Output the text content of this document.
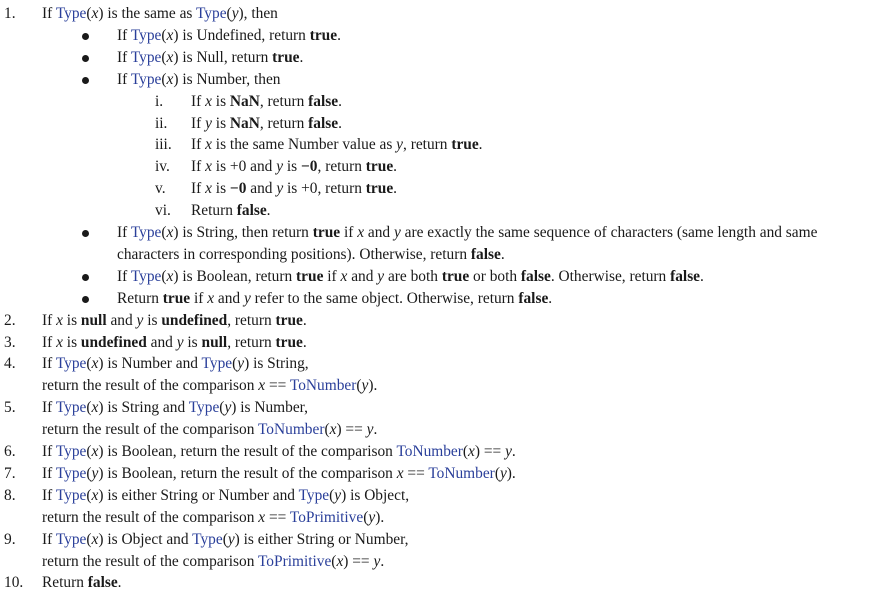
1. If Type(x) is the same as Type(y), then
If Type(x) is Undefined, return true.
If Type(x) is Null, return true.
If Type(x) is Number, then
i. If x is NaN, return false.
ii. If y is NaN, return false.
iii. If x is the same Number value as y, return true.
iv. If x is +0 and y is −0, return true.
v. If x is −0 and y is +0, return true.
vi. Return false.
If Type(x) is String, then return true if x and y are exactly the same sequence of characters (same length and same
characters in corresponding positions). Otherwise, return false.
If Type(x) is Boolean, return true if x and y are both true or both false. Otherwise, return false.
Return true if x and y refer to the same object. Otherwise, return false.
2. If x is null and y is undefined, return true.
3. If x is undefined and y is null, return true.
4. If Type(x) is Number and Type(y) is String,
return the result of the comparison x == ToNumber(y).
5. If Type(x) is String and Type(y) is Number,
return the result of the comparison ToNumber(x) == y.
6. If Type(x) is Boolean, return the result of the comparison ToNumber(x) == y.
7. If Type(y) is Boolean, return the result of the comparison x == ToNumber(y).
8. If Type(x) is either String or Number and Type(y) is Object,
return the result of the comparison x == ToPrimitive(y).
9. If Type(x) is Object and Type(y) is either String or Number,
return the result of the comparison ToPrimitive(x) == y.
10. Return false.
